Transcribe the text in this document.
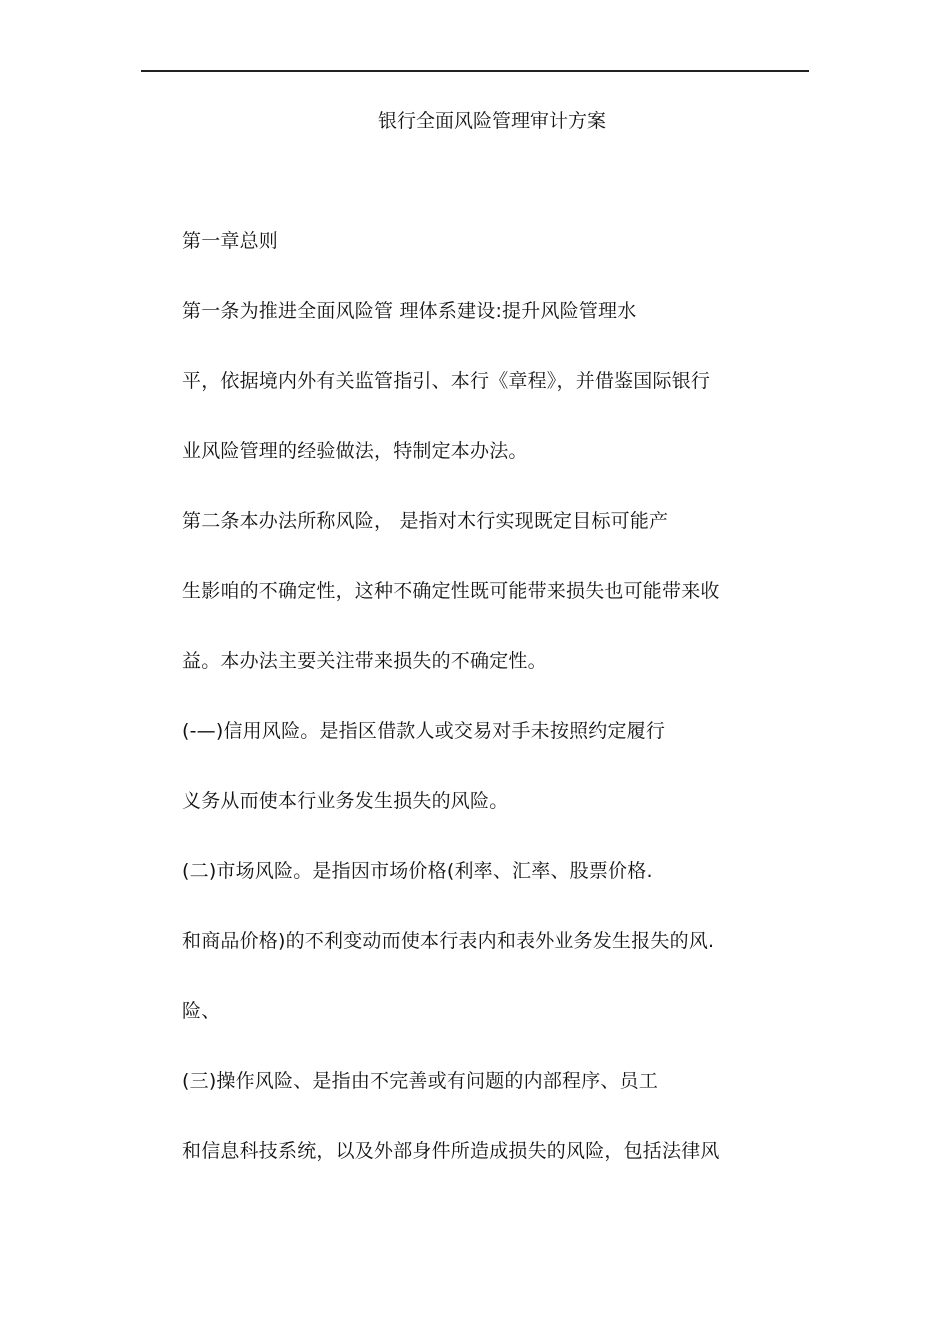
银行全面风险管理审计方案
第一章总则
第一条为推进全面风险管 理体系建设:提升风险管理水
平，依据境内外有关监管指引、本行《章程》，并借鉴国际银行
业风险管理的经验做法，特制定本办法。
第二条本办法所称风险， 是指对木行实现既定目标可能产
生影咱的不确定性，这种不确定性既可能带来损失也可能带来收
益。本办法主要关注带来损失的不确定性。
(-—)信用风险。是指区借款人或交易对手未按照约定履行
义务从而使本行业务发生损失的风险。
(二)市场风险。是指因市场价格(利率、汇率、股票价格.
和商品价格)的不利变动而使本行表内和表外业务发生报失的风.
险、
(三)操作风险、是指由不完善或有问题的内部程序、员工
和信息科技系统，以及外部身件所造成损失的风险，包括法律风
